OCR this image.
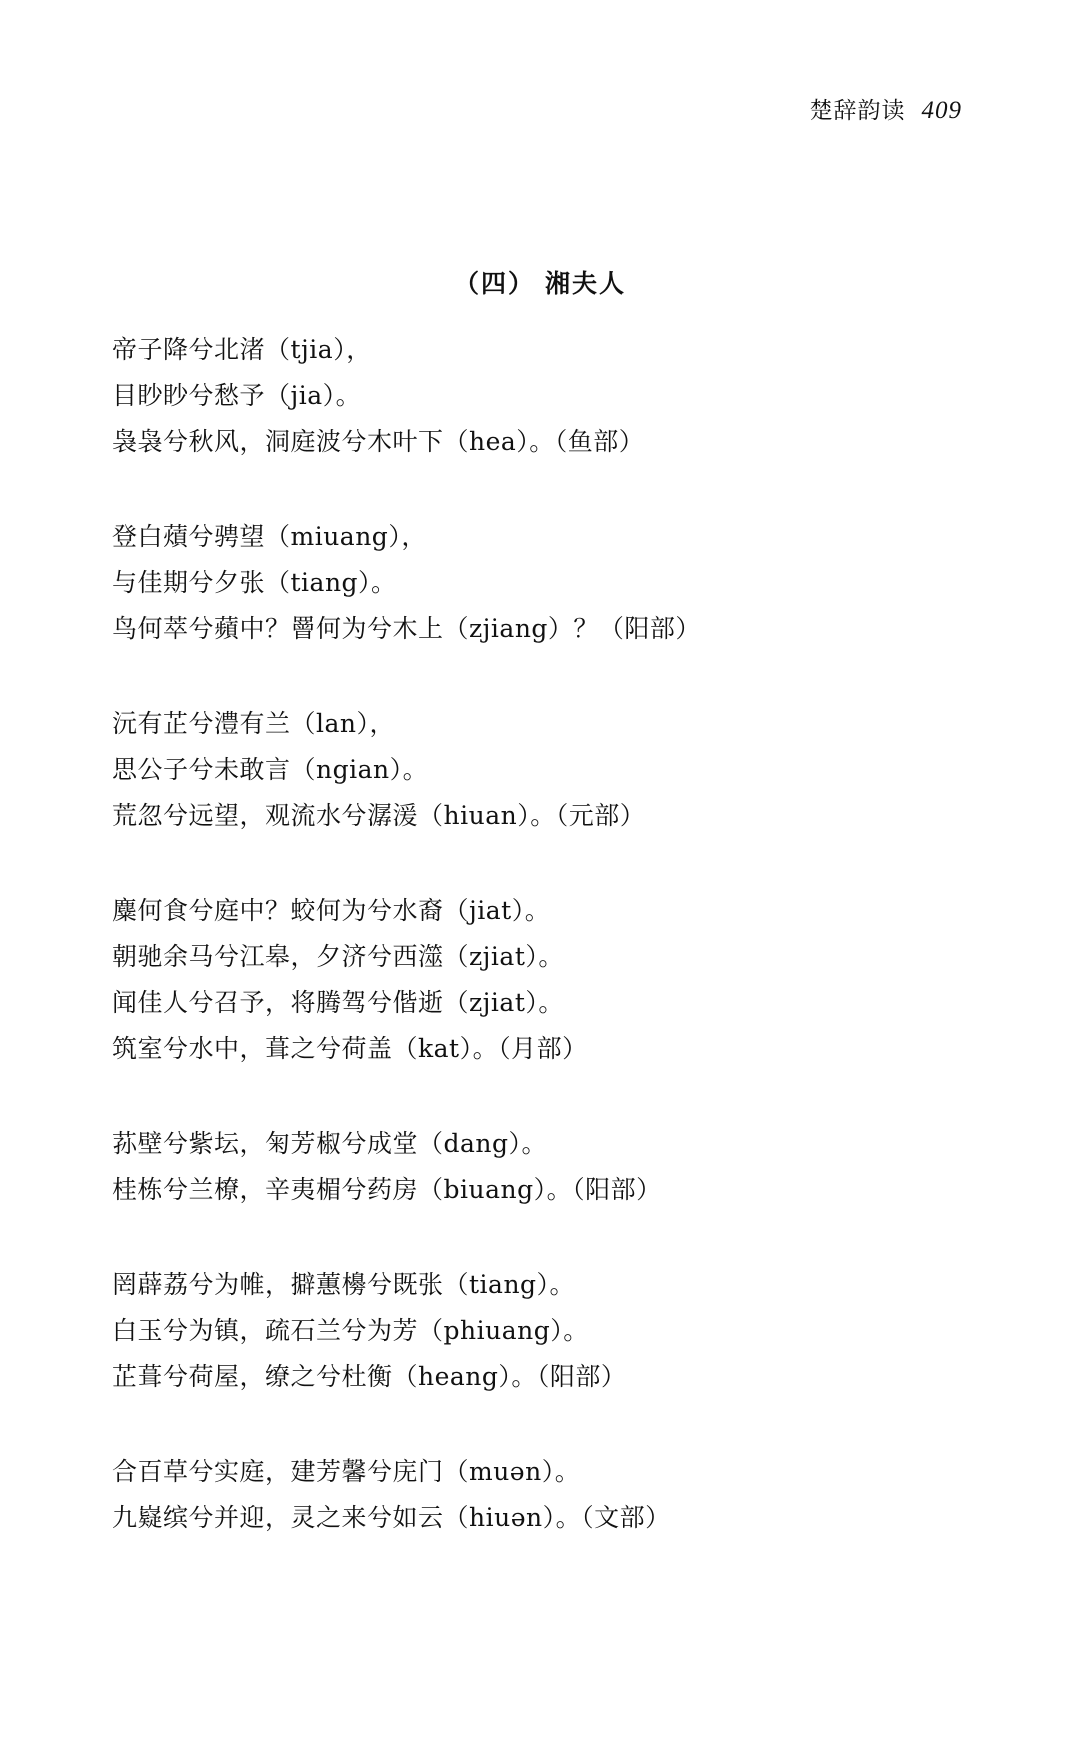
楚辞韵读 409
（四） 湘夫人
帝子降兮北渚（tjia），
目眇眇兮愁予（jia）。
袅袅兮秋风，洞庭波兮木叶下（hea）。（鱼部）
登白薠兮骋望（miuang），
与佳期兮夕张（tiang）。
鸟何萃兮蘋中？罾何为兮木上（zjiang）？（阳部）
沅有芷兮澧有兰（lan），
思公子兮未敢言（ngian）。
荒忽兮远望，观流水兮潺湲（hiuan）。（元部）
麋何食兮庭中？蛟何为兮水裔（jiat）。
朝驰余马兮江皋，夕济兮西澨（zjiat）。
闻佳人兮召予，将腾驾兮偕逝（zjiat）。
筑室兮水中，葺之兮荷盖（kat）。（月部）
荪壁兮紫坛，匊芳椒兮成堂（dang）。
桂栋兮兰橑，辛夷楣兮药房（biuang）。（阳部）
罔薜荔兮为帷，擗蕙櫋兮既张（tiang）。
白玉兮为镇，疏石兰兮为芳（phiuang）。
芷葺兮荷屋，缭之兮杜衡（heang）。（阳部）
合百草兮实庭，建芳馨兮庑门（muən）。
九嶷缤兮并迎，灵之来兮如云（hiuən）。（文部）
